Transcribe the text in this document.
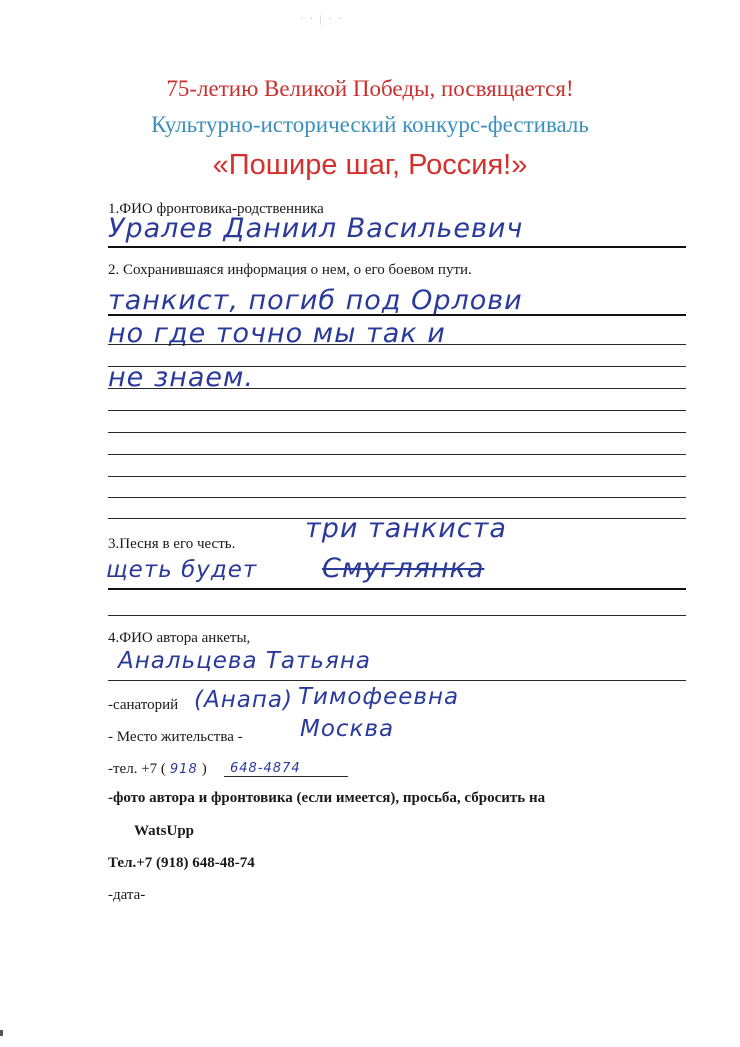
· · | · ·
75-летию Великой Победы, посвящается!
Культурно-исторический конкурс-фестиваль
«Пошире шаг, Россия!»
1.ФИО фронтовика-родственника
Уралев Даниил Васильевич
2. Сохранившаяся информация о нем, о его боевом пути.
танкист, погиб под Орлови
но где точно мы так и
не знаем.
три танкиста
3.Песня в его честь.
щеть будет Смуглянка
4.ФИО автора анкеты,
Анальцева Татьяна
-санаторий (Анапа) Тимофеевна
- Место жительства - Москва
-тел. +7 ( 918 ) 648-4874
-фото автора и фронтовика (если имеется), просьба, сбросить на
WatsUpp
Тел.+7 (918) 648-48-74
-дата-
